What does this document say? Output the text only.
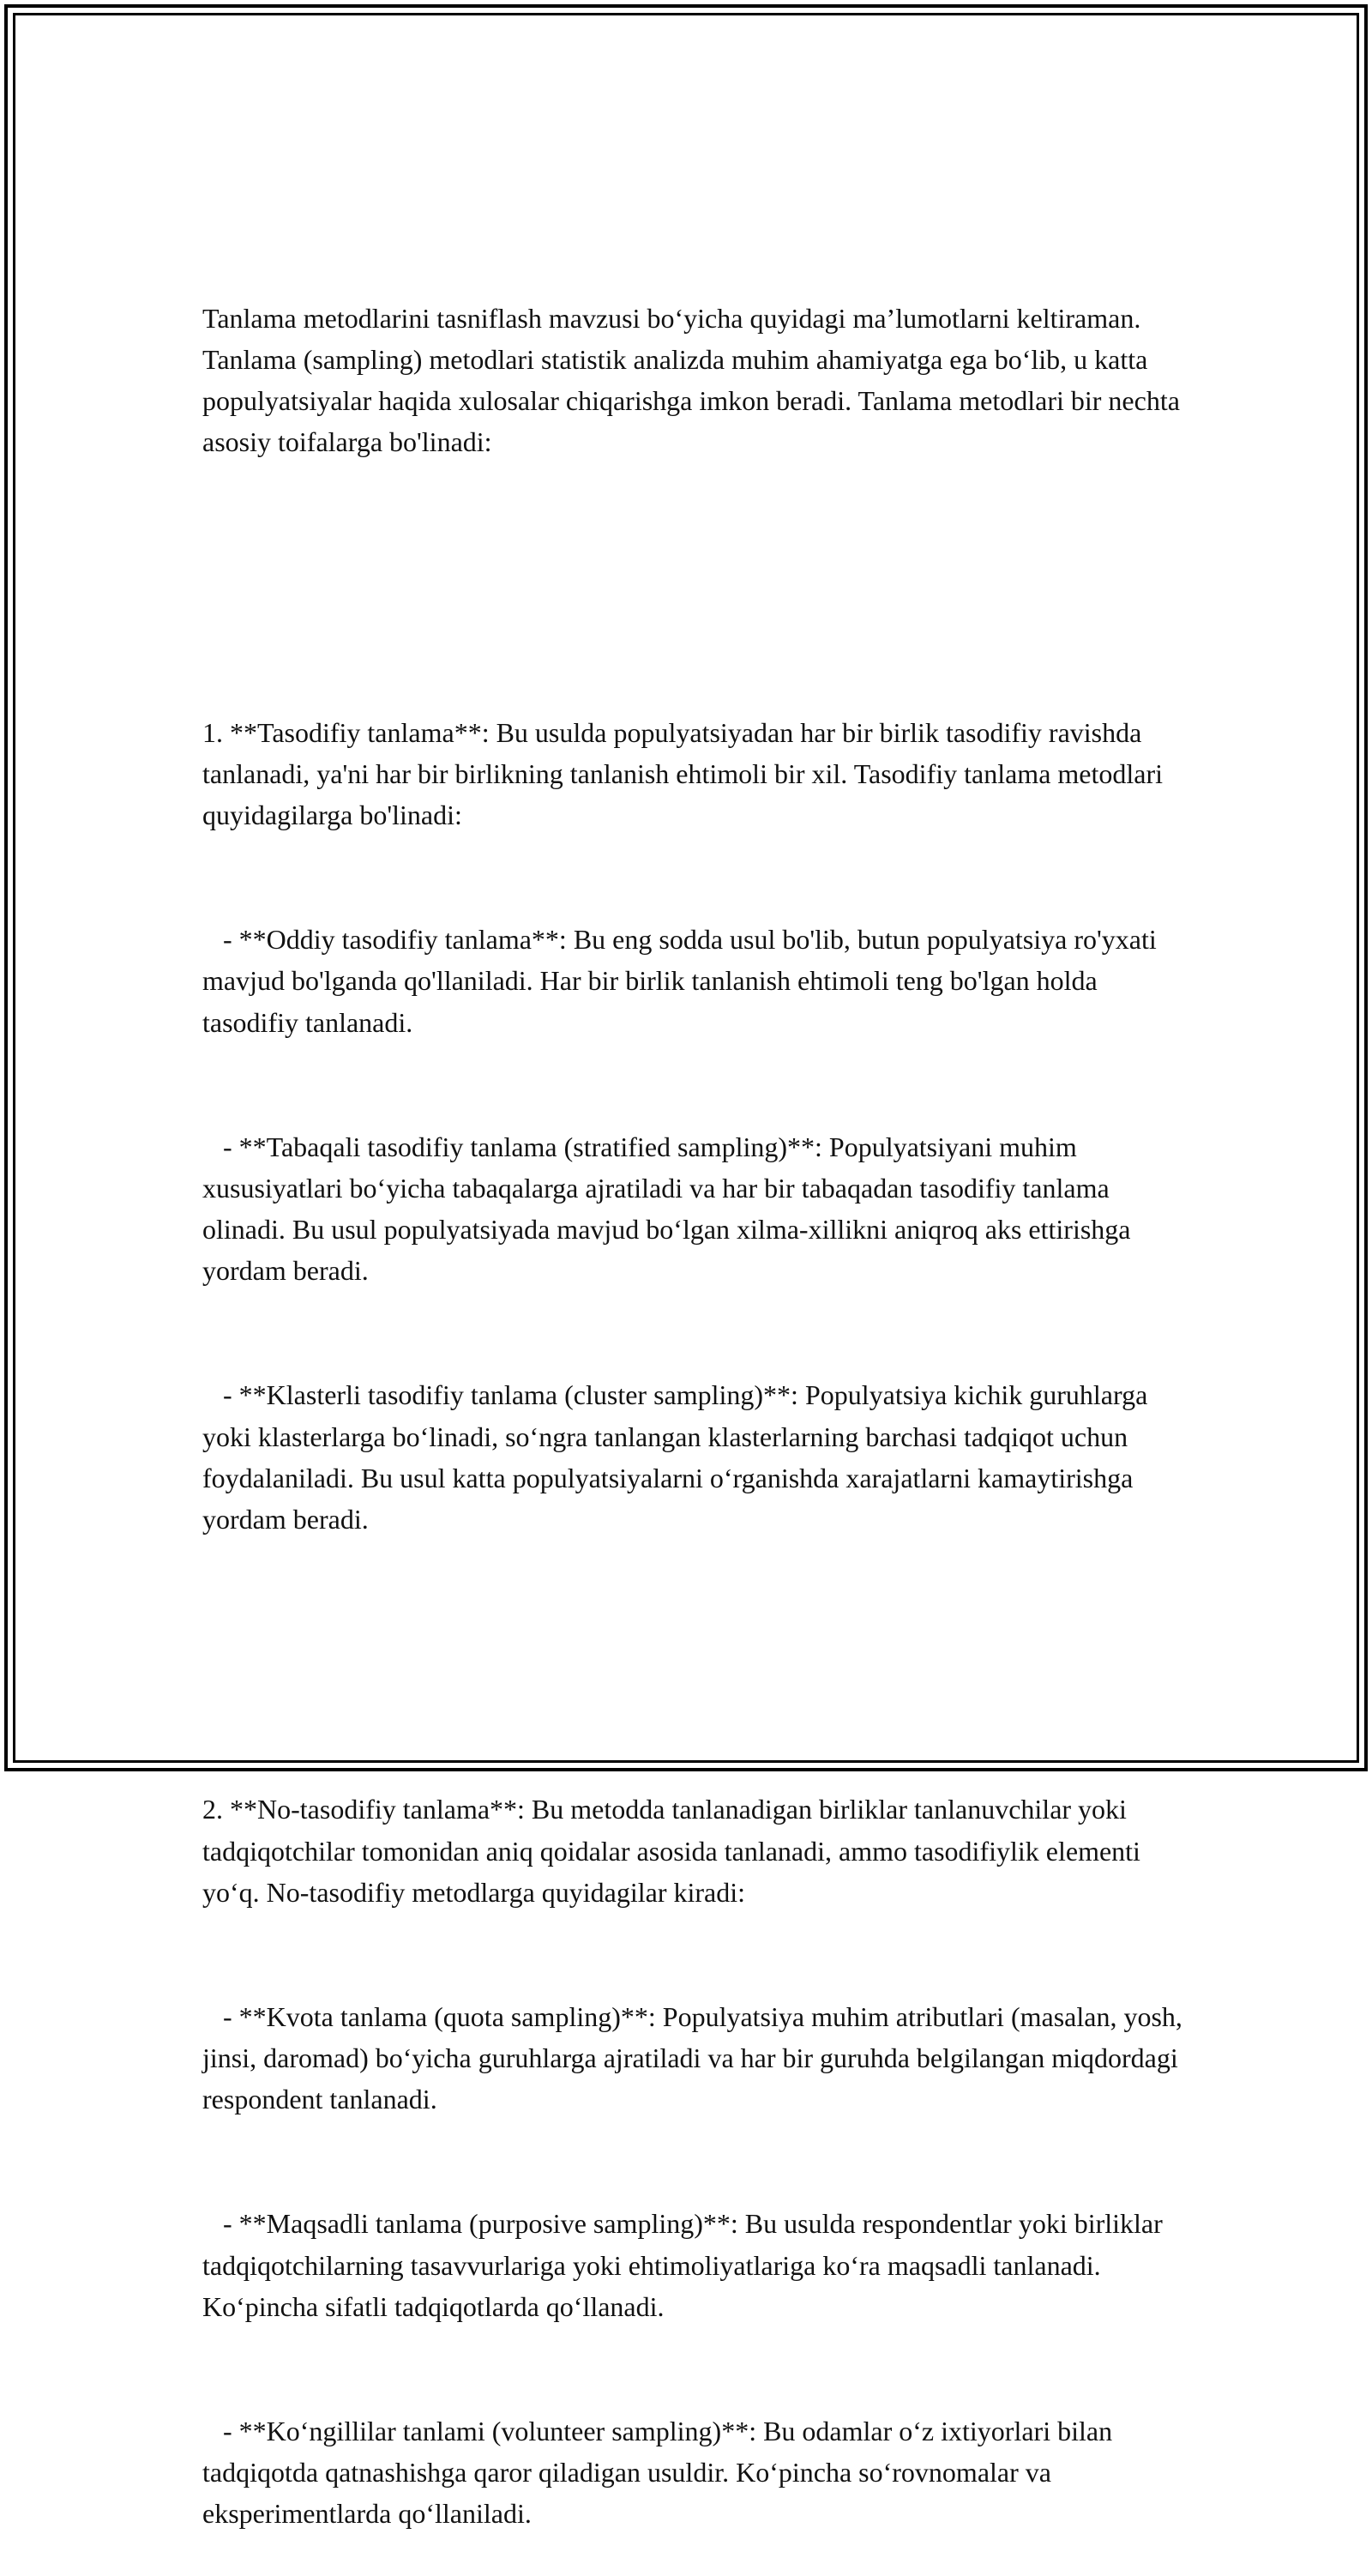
Tanlama metodlarini tasniflash mavzusi bo‘yicha quyidagi ma’lumotlarni keltiraman. Tanlama (sampling) metodlari statistik analizda muhim ahamiyatga ega bo‘lib, u katta populyatsiyalar haqida xulosalar chiqarishga imkon beradi. Tanlama metodlari bir nechta asosiy toifalarga bo'linadi:

1. **Tasodifiy tanlama**: Bu usulda populyatsiyadan har bir birlik tasodifiy ravishda tanlanadi, ya'ni har bir birlikning tanlanish ehtimoli bir xil. Tasodifiy tanlama metodlari quyidagilarga bo'linadi:

- **Oddiy tasodifiy tanlama**: Bu eng sodda usul bo'lib, butun populyatsiya ro'yxati mavjud bo'lganda qo'llaniladi. Har bir birlik tanlanish ehtimoli teng bo'lgan holda tasodifiy tanlanadi.

- **Tabaqali tasodifiy tanlama (stratified sampling)**: Populyatsiyani muhim xususiyatlari bo‘yicha tabaqalarga ajratiladi va har bir tabaqadan tasodifiy tanlama olinadi. Bu usul populyatsiyada mavjud bo‘lgan xilma-xillikni aniqroq aks ettirishga yordam beradi.

- **Klasterli tasodifiy tanlama (cluster sampling)**: Populyatsiya kichik guruhlarga yoki klasterlarga bo‘linadi, so‘ngra tanlangan klasterlarning barchasi tadqiqot uchun foydalaniladi. Bu usul katta populyatsiyalarni o‘rganishda xarajatlarni kamaytirishga yordam beradi.

2. **No-tasodifiy tanlama**: Bu metodda tanlanadigan birliklar tanlanuvchilar yoki tadqiqotchilar tomonidan aniq qoidalar asosida tanlanadi, ammo tasodifiylik elementi yo‘q. No-tasodifiy metodlarga quyidagilar kiradi:

- **Kvota tanlama (quota sampling)**: Populyatsiya muhim atributlari (masalan, yosh, jinsi, daromad) bo‘yicha guruhlarga ajratiladi va har bir guruhda belgilangan miqdordagi respondent tanlanadi.

- **Maqsadli tanlama (purposive sampling)**: Bu usulda respondentlar yoki birliklar tadqiqotchilarning tasavvurlariga yoki ehtimoliyatlariga ko‘ra maqsadli tanlanadi. Ko‘pincha sifatli tadqiqotlarda qo‘llanadi.

- **Ko‘ngillilar tanlami (volunteer sampling)**: Bu odamlar o‘z ixtiyorlari bilan tadqiqotda qatnashishga qaror qiladigan usuldir. Ko‘pincha so‘rovnomalar va eksperimentlarda qo‘llaniladi.
